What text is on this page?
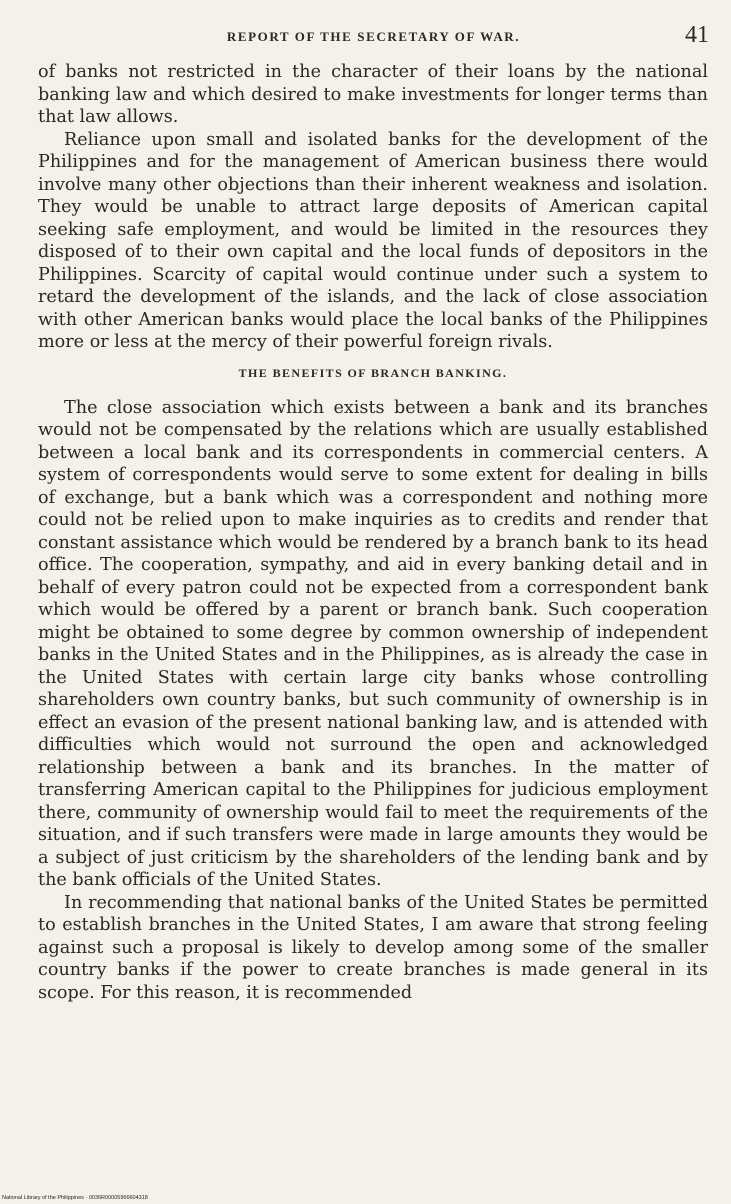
REPORT OF THE SECRETARY OF WAR.	41

of banks not restricted in the character of their loans by the national banking law and which desired to make investments for longer terms than that law allows.

Reliance upon small and isolated banks for the development of the Philippines and for the management of American business there would involve many other objections than their inherent weakness and isolation. They would be unable to attract large deposits of American capital seeking safe employment, and would be limited in the resources they disposed of to their own capital and the local funds of depositors in the Philippines. Scarcity of capital would continue under such a system to retard the development of the islands, and the lack of close association with other American banks would place the local banks of the Philippines more or less at the mercy of their powerful foreign rivals.

THE BENEFITS OF BRANCH BANKING.

The close association which exists between a bank and its branches would not be compensated by the relations which are usually established between a local bank and its correspondents in commercial centers. A system of correspondents would serve to some extent for dealing in bills of exchange, but a bank which was a correspondent and nothing more could not be relied upon to make inquiries as to credits and render that constant assistance which would be rendered by a branch bank to its head office. The cooperation, sympathy, and aid in every banking detail and in behalf of every patron could not be expected from a correspondent bank which would be offered by a parent or branch bank. Such cooperation might be obtained to some degree by common ownership of independent banks in the United States and in the Philippines, as is already the case in the United States with certain large city banks whose controlling shareholders own country banks, but such community of ownership is in effect an evasion of the present national banking law, and is attended with difficulties which would not surround the open and acknowledged relationship between a bank and its branches. In the matter of transferring American capital to the Philippines for judicious employment there, community of ownership would fail to meet the requirements of the situation, and if such transfers were made in large amounts they would be a subject of just criticism by the shareholders of the lending bank and by the bank officials of the United States.

In recommending that national banks of the United States be permitted to establish branches in the United States, I am aware that strong feeling against such a proposal is likely to develop among some of the smaller country banks if the power to create branches is made general in its scope. For this reason, it is recommended

National Library of the Philippines · 0036R00005966604318
